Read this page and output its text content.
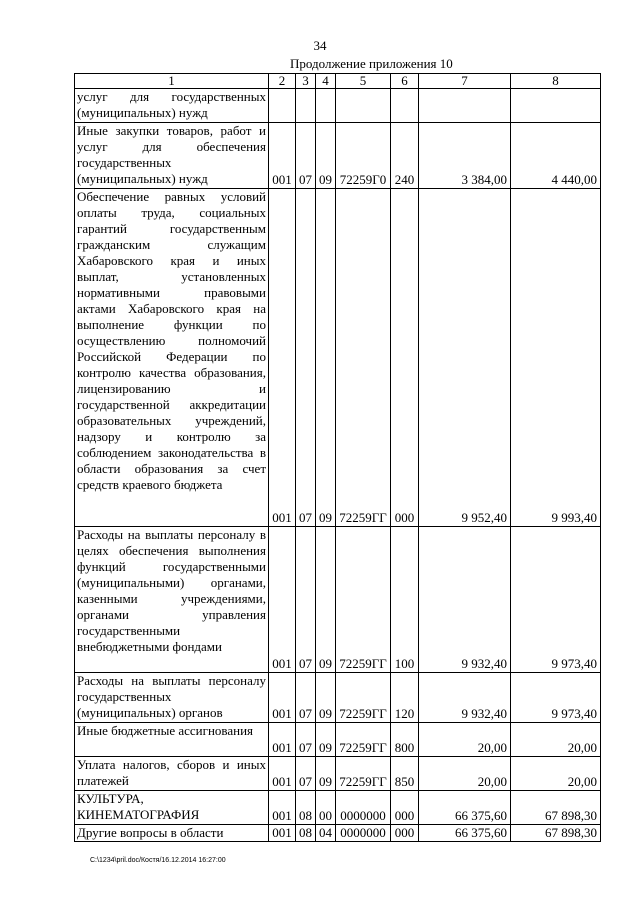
34
Продолжение приложения 10
1	2	3	4	5	6	7	8
услуг для государственных (муниципальных) нужд							
Иные закупки товаров, работ и услуг для обеспечения государственных (муниципальных) нужд	001	07	09	72259Г0	240	3 384,00	4 440,00
Обеспечение равных условий оплаты труда, социальных гарантий государственным гражданским служащим Хабаровского края и иных выплат, установленных нормативными правовыми актами Хабаровского края на выполнение функции по осуществлению полномочий Российской Федерации по контролю качества образования, лицензированию и государственной аккредитации образовательных учреждений, надзору и контролю за соблюдением законодательства в области образования за счет средств краевого бюджета	001	07	09	72259ГГ	000	9 952,40	9 993,40
Расходы на выплаты персоналу в целях обеспечения выполнения функций государственными (муниципальными) органами, казенными учреждениями, органами управления государственными внебюджетными фондами	001	07	09	72259ГГ	100	9 932,40	9 973,40
Расходы на выплаты персоналу государственных (муниципальных) органов	001	07	09	72259ГГ	120	9 932,40	9 973,40
Иные бюджетные ассигнования	001	07	09	72259ГГ	800	20,00	20,00
Уплата налогов, сборов и иных платежей	001	07	09	72259ГГ	850	20,00	20,00
КУЛЬТУРА, КИНЕМАТОГРАФИЯ	001	08	00	0000000	000	66 375,60	67 898,30
Другие вопросы в области	001	08	04	0000000	000	66 375,60	67 898,30
C:\1234\pril.doc/Костя/16.12.2014 16:27:00
